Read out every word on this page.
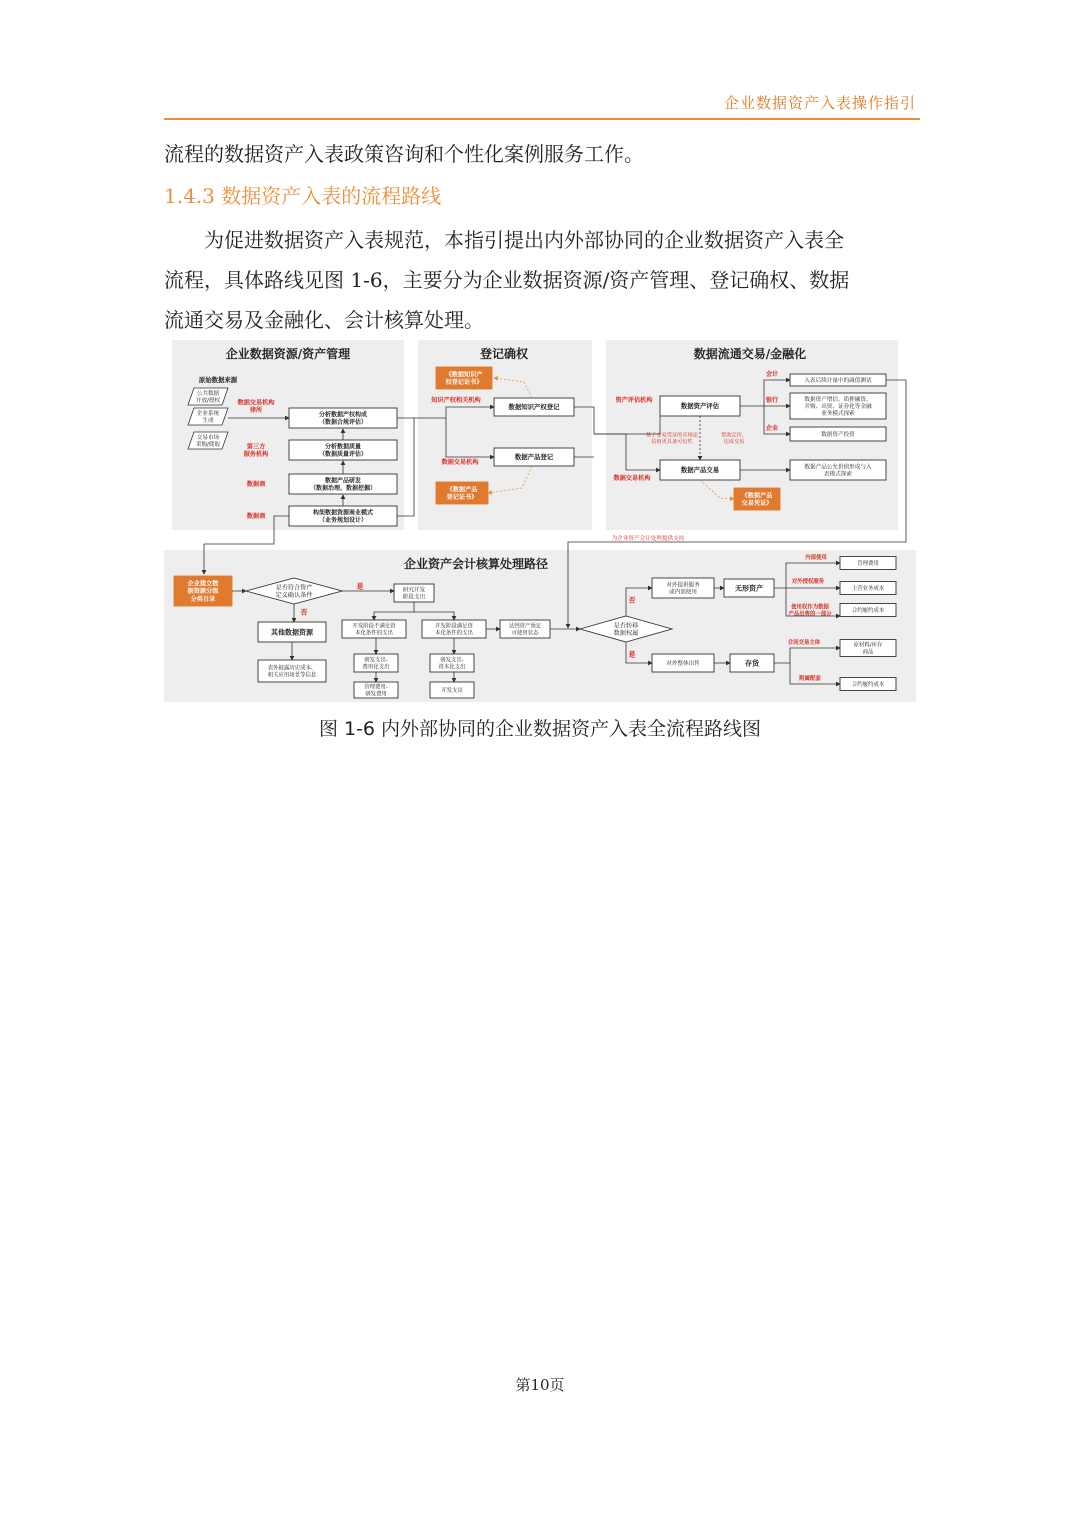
企业数据资产入表操作指引

流程的数据资产入表政策咨询和个性化案例服务工作。

1.4.3 数据资产入表的流程路线

为促进数据资产入表规范，本指引提出内外部协同的企业数据资产入表全

流程，具体路线见图 1-6，主要分为企业数据资源/资产管理、登记确权、数据

流通交易及金融化、会计核算处理。

企业数据资源/资产管理	登记确权	数据流通交易/金融化
企业资产会计核算处理路径
原始数据来源
公共数据开放/授权
企业系统生成
交易市场采购/爬取
分析数据产权构成（数据合规评估）
分析数据质量（数据质量评估）
数据产品研发（数据治理、数据挖掘）
构架数据资源商业模式（业务规划设计）
数据交易机构律所
第三方服务机构
数据商
数据商
《数据知识产权登记证书》
知识产权相关机构
数据知识产权登记
数据交易机构
数据产品登记
《数据产品登记证书》
资产评估机构
数据资产评估
数据交易机构
数据产品交易
基于交易凭证的市场法估值更具备可信性
帮助定价，达成交易
《数据产品交易凭证》
入表后续计量中的减值测试
数据资产增信、质押融资、并购、出资、证券化等金融业务模式探索
数据资产投资
数据产品公允价值形成与入表模式探索
会计
银行
企业
为企业资产会计处理提供支持
企业建立数据资源分级分类目录
是否符合资产定义确认条件
是
否
研究开发阶段支出
其他数据资源
表外披露历史成本、相关应用场景等信息
开发阶段不满足资本化条件的支出
开发阶段满足资本化条件的支出
研发支出-费用化支出
研发支出-资本化支出
管理费用-研发费用
开发支出
达到资产预定可使用状态
是否转移数据权属
否
是
对外提供服务或内部使用
无形资产
对外整体出售	存货
管理费用
主营业务成本
合约履约成本
原材料/库存商品
合约履约成本
内部使用
对外授权服务
使用权作为数据产品出售的一部分
合同交易主体
附属配套
图 1-6 内外部协同的企业数据资产入表全流程路线图
第10页
